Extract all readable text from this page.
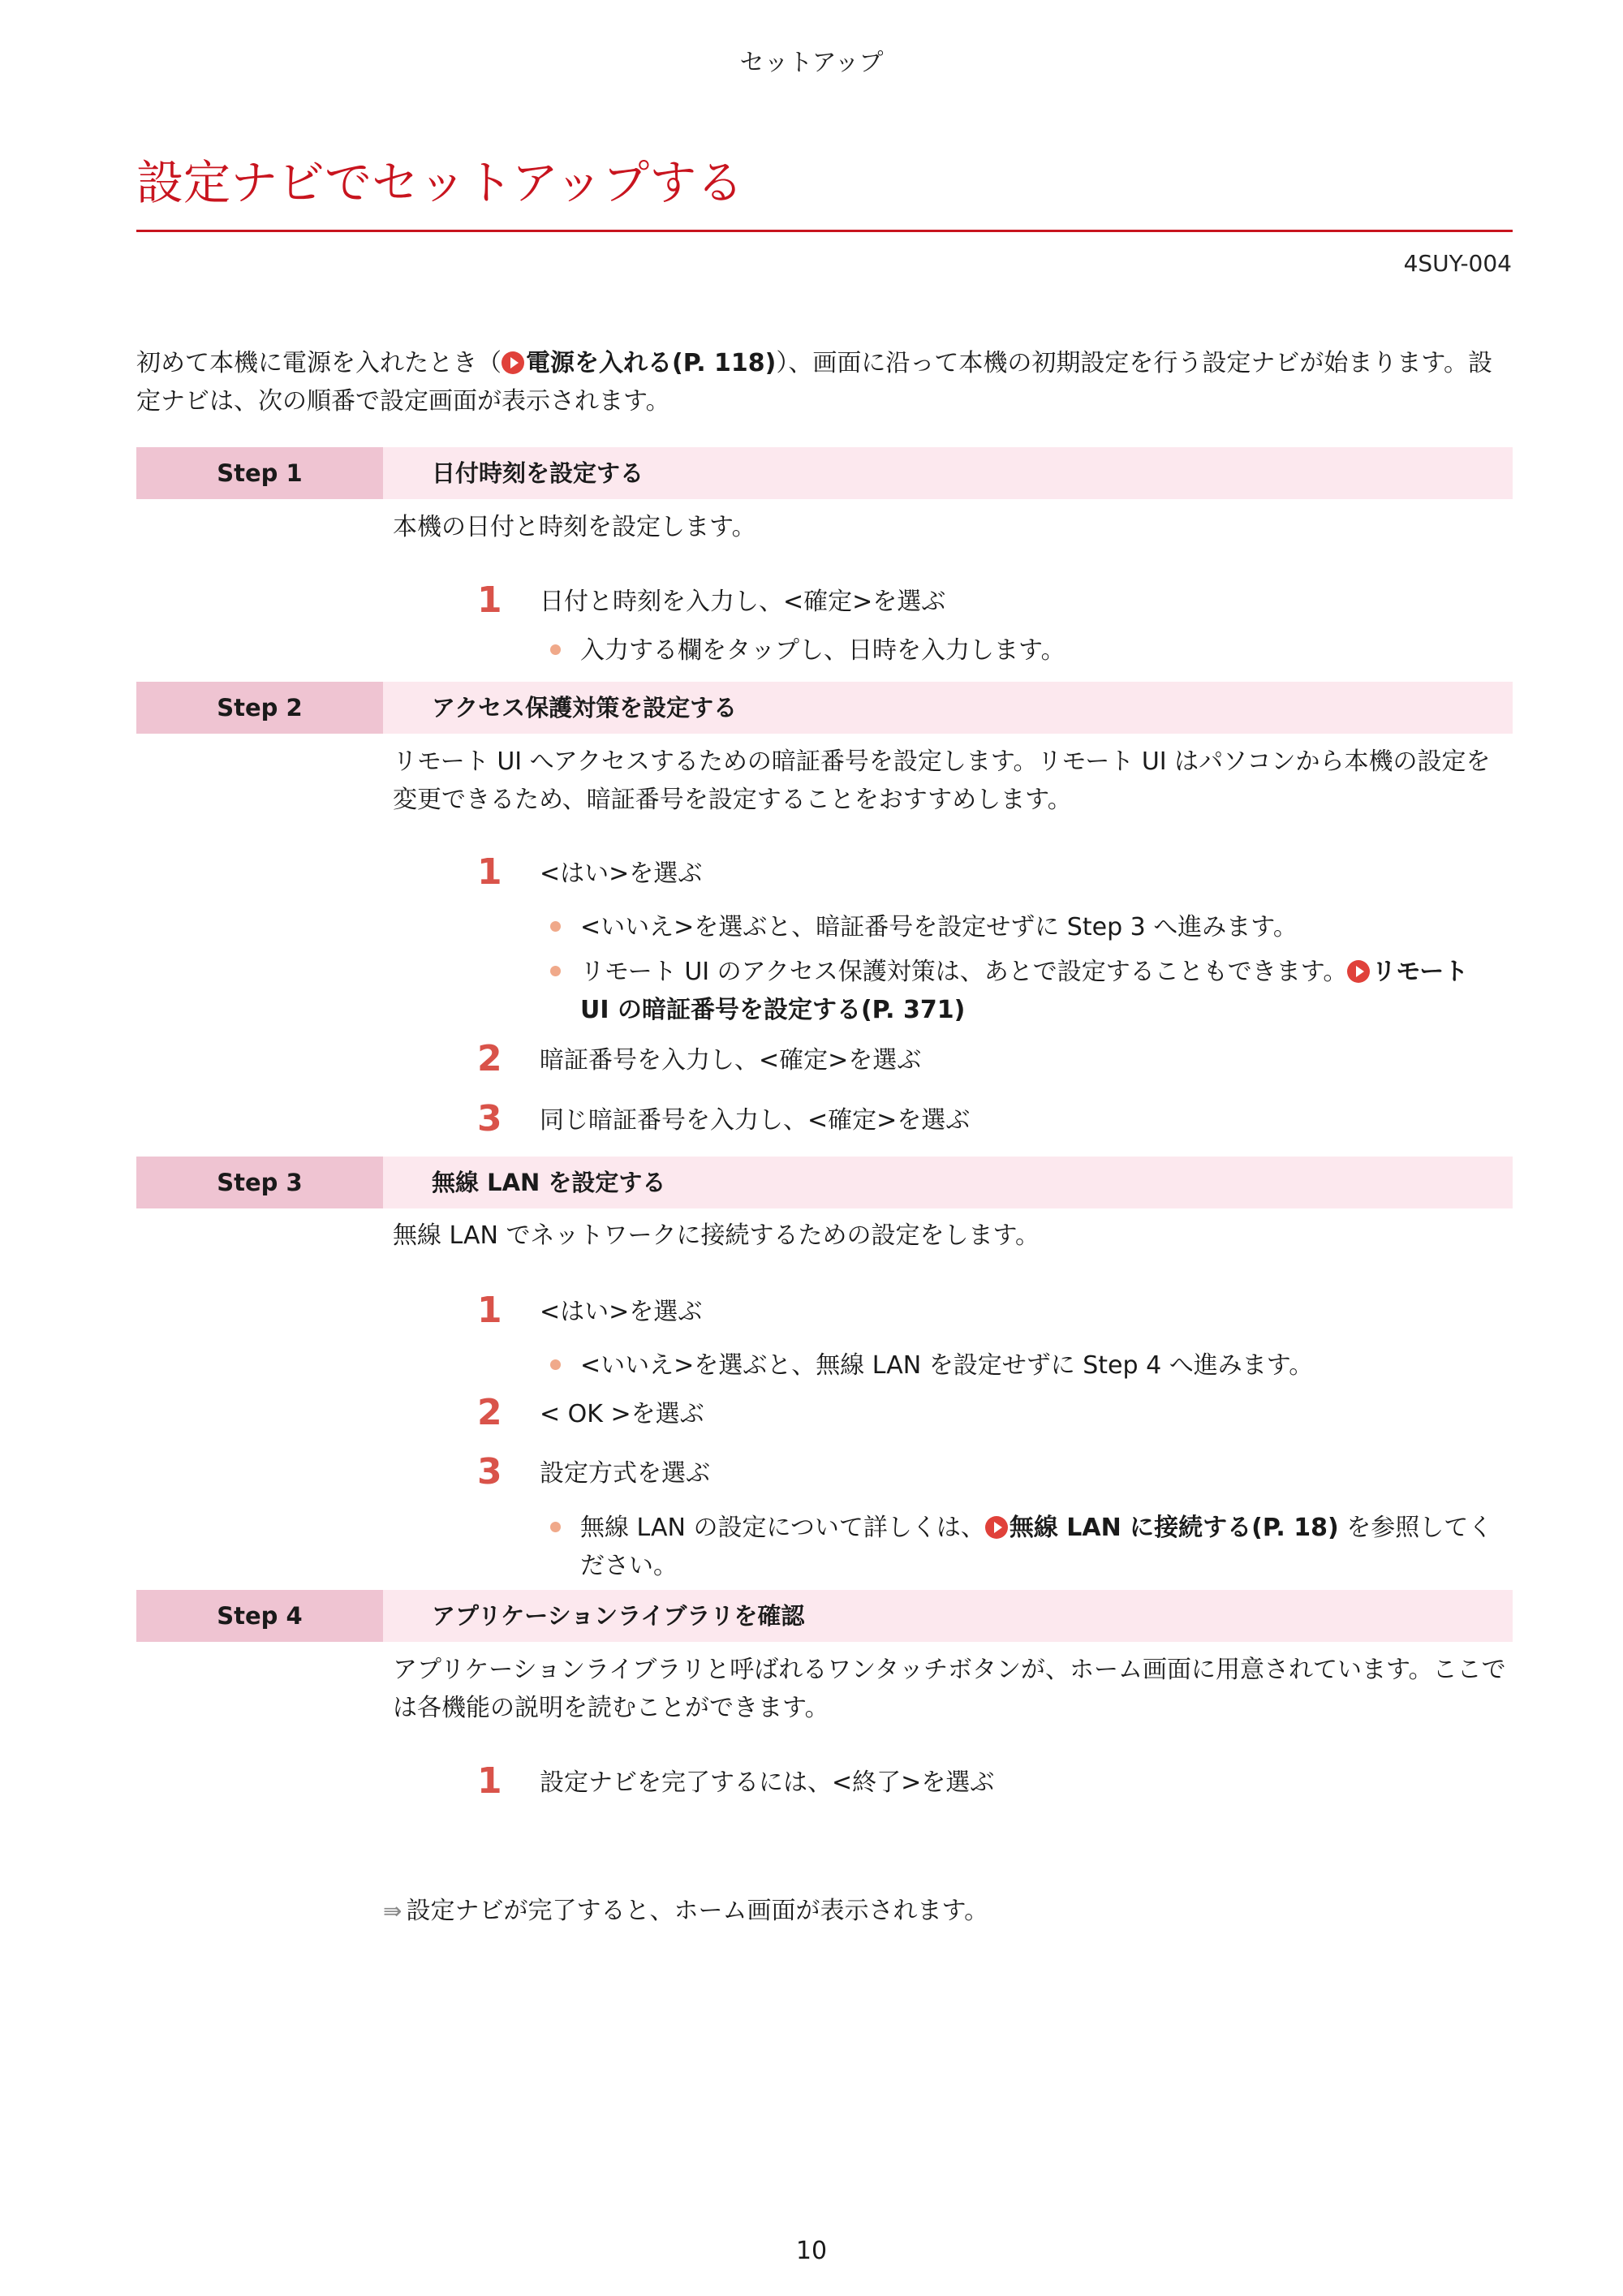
セットアップ
設定ナビでセットアップする
4SUY-004
初めて本機に電源を入れたとき（ 電源を入れる(P. 118)）、画面に沿って本機の初期設定を行う設定ナビが始まります。設定ナビは、次の順番で設定画面が表示されます。
Step 1	日付時刻を設定する
本機の日付と時刻を設定します。
1 日付と時刻を入力し、<確定>を選ぶ
入力する欄をタップし、日時を入力します。
Step 2	アクセス保護対策を設定する
リモート UI へアクセスするための暗証番号を設定します。リモート UI はパソコンから本機の設定を変更できるため、暗証番号を設定することをおすすめします。
1 <はい>を選ぶ
<いいえ>を選ぶと、暗証番号を設定せずに Step 3 へ進みます。
リモート UI のアクセス保護対策は、あとで設定することもできます。 リモート UI の暗証番号を設定する(P. 371)
2 暗証番号を入力し、<確定>を選ぶ
3 同じ暗証番号を入力し、<確定>を選ぶ
Step 3	無線 LAN を設定する
無線 LAN でネットワークに接続するための設定をします。
1 <はい>を選ぶ
<いいえ>を選ぶと、無線 LAN を設定せずに Step 4 へ進みます。
2 < OK >を選ぶ
3 設定方式を選ぶ
無線 LAN の設定について詳しくは、 無線 LAN に接続する(P. 18) を参照してください。
Step 4	アプリケーションライブラリを確認
アプリケーションライブラリと呼ばれるワンタッチボタンが、ホーム画面に用意されています。ここでは各機能の説明を読むことができます。
1 設定ナビを完了するには、<終了>を選ぶ
⇛ 設定ナビが完了すると、ホーム画面が表示されます。
10
